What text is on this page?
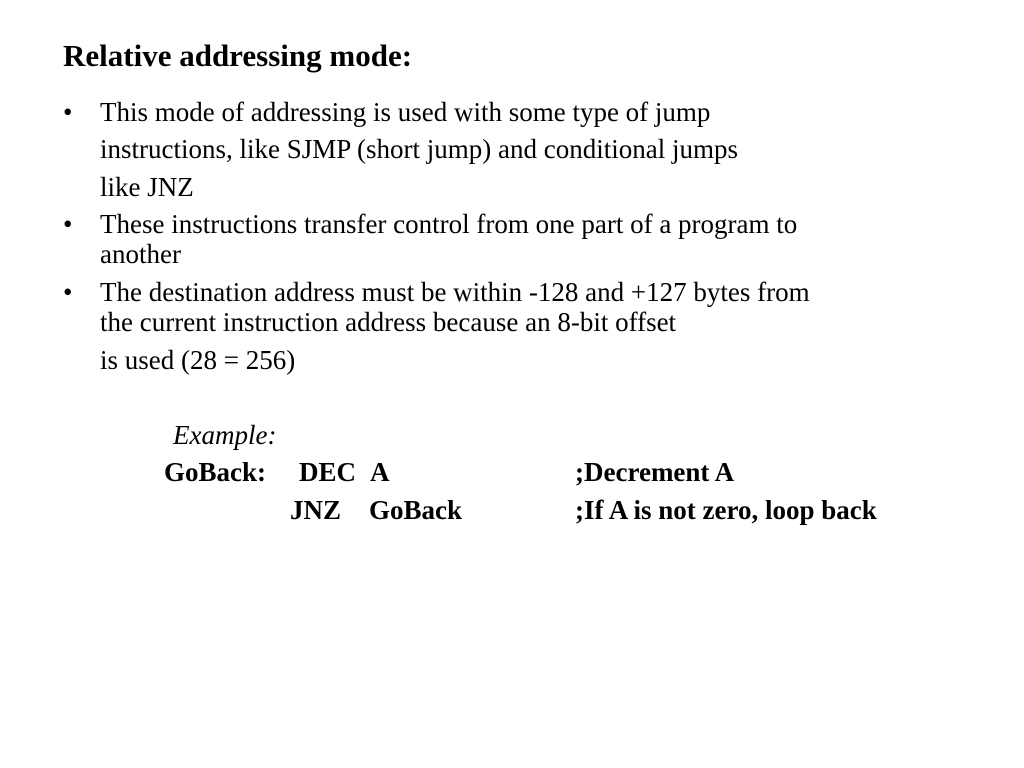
Relative addressing mode:
•	This mode of addressing is used with some type of jump
instructions, like SJMP (short jump) and conditional jumps
like JNZ
•	These instructions transfer control from one part of a program to
another
•	The destination address must be within -128 and +127 bytes from
the current instruction address because an 8-bit offset
is used (28 = 256)
Example:
GoBack: DEC A	;Decrement A
JNZ GoBack	;If A is not zero, loop back
